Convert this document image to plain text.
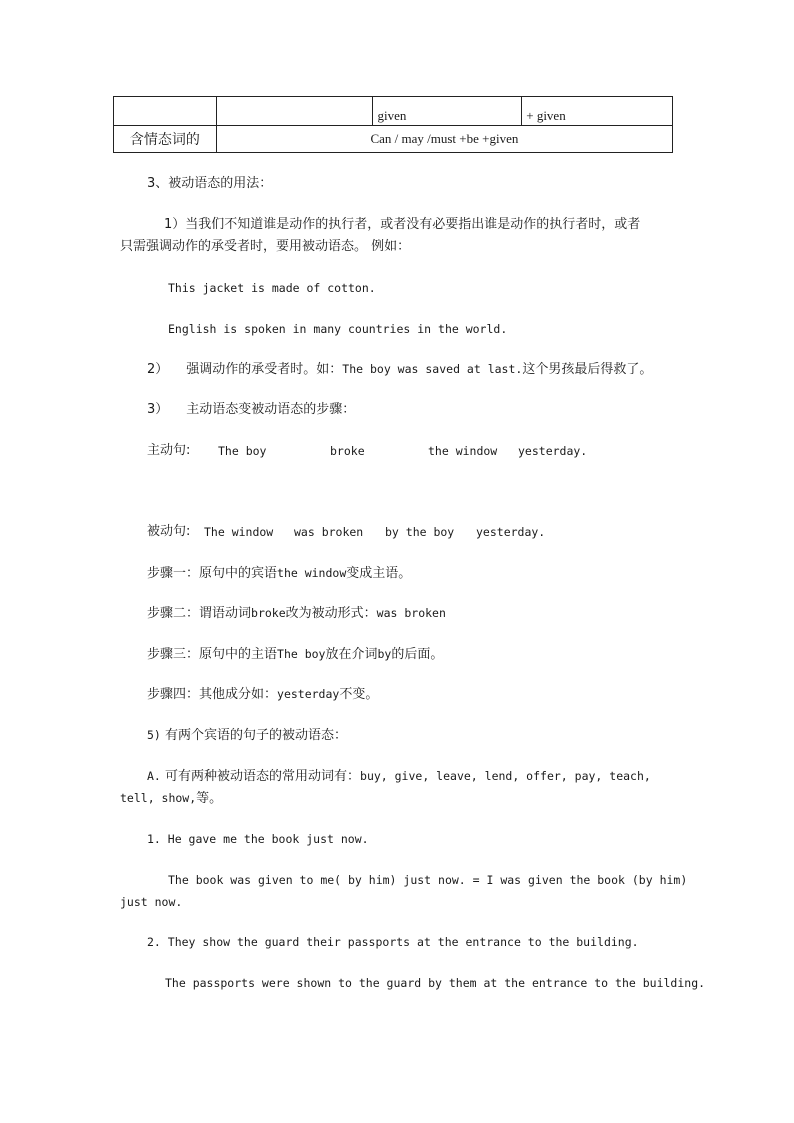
		given	+ given
含情态词的	Can / may /must +be +given		
3、被动语态的用法：
1）当我们不知道谁是动作的执行者，或者没有必要指出谁是动作的执行者时，或者
只需强调动作的承受者时，要用被动语态。 例如：
This jacket is made of cotton.
English is spoken in many countries in the world.
2） 强调动作的承受者时。如：The boy was saved at last.这个男孩最后得救了。
3） 主动语态变被动语态的步骤：
主动句: The boy	broke	the window yesterday.
被动句: The window was broken by the boy yesterday.
步骤一：原句中的宾语the window变成主语。
步骤二：谓语动词broke改为被动形式：was broken
步骤三：原句中的主语The boy放在介词by的后面。
步骤四：其他成分如：yesterday不变。
5) 有两个宾语的句子的被动语态：
A. 可有两种被动语态的常用动词有：buy, give, leave, lend, offer, pay, teach,
tell, show,等。
1. He gave me the book just now.
The book was given to me( by him) just now. = I was given the book (by him)
just now.
2. They show the guard their passports at the entrance to the building.
The passports were shown to the guard by them at the entrance to the building.
